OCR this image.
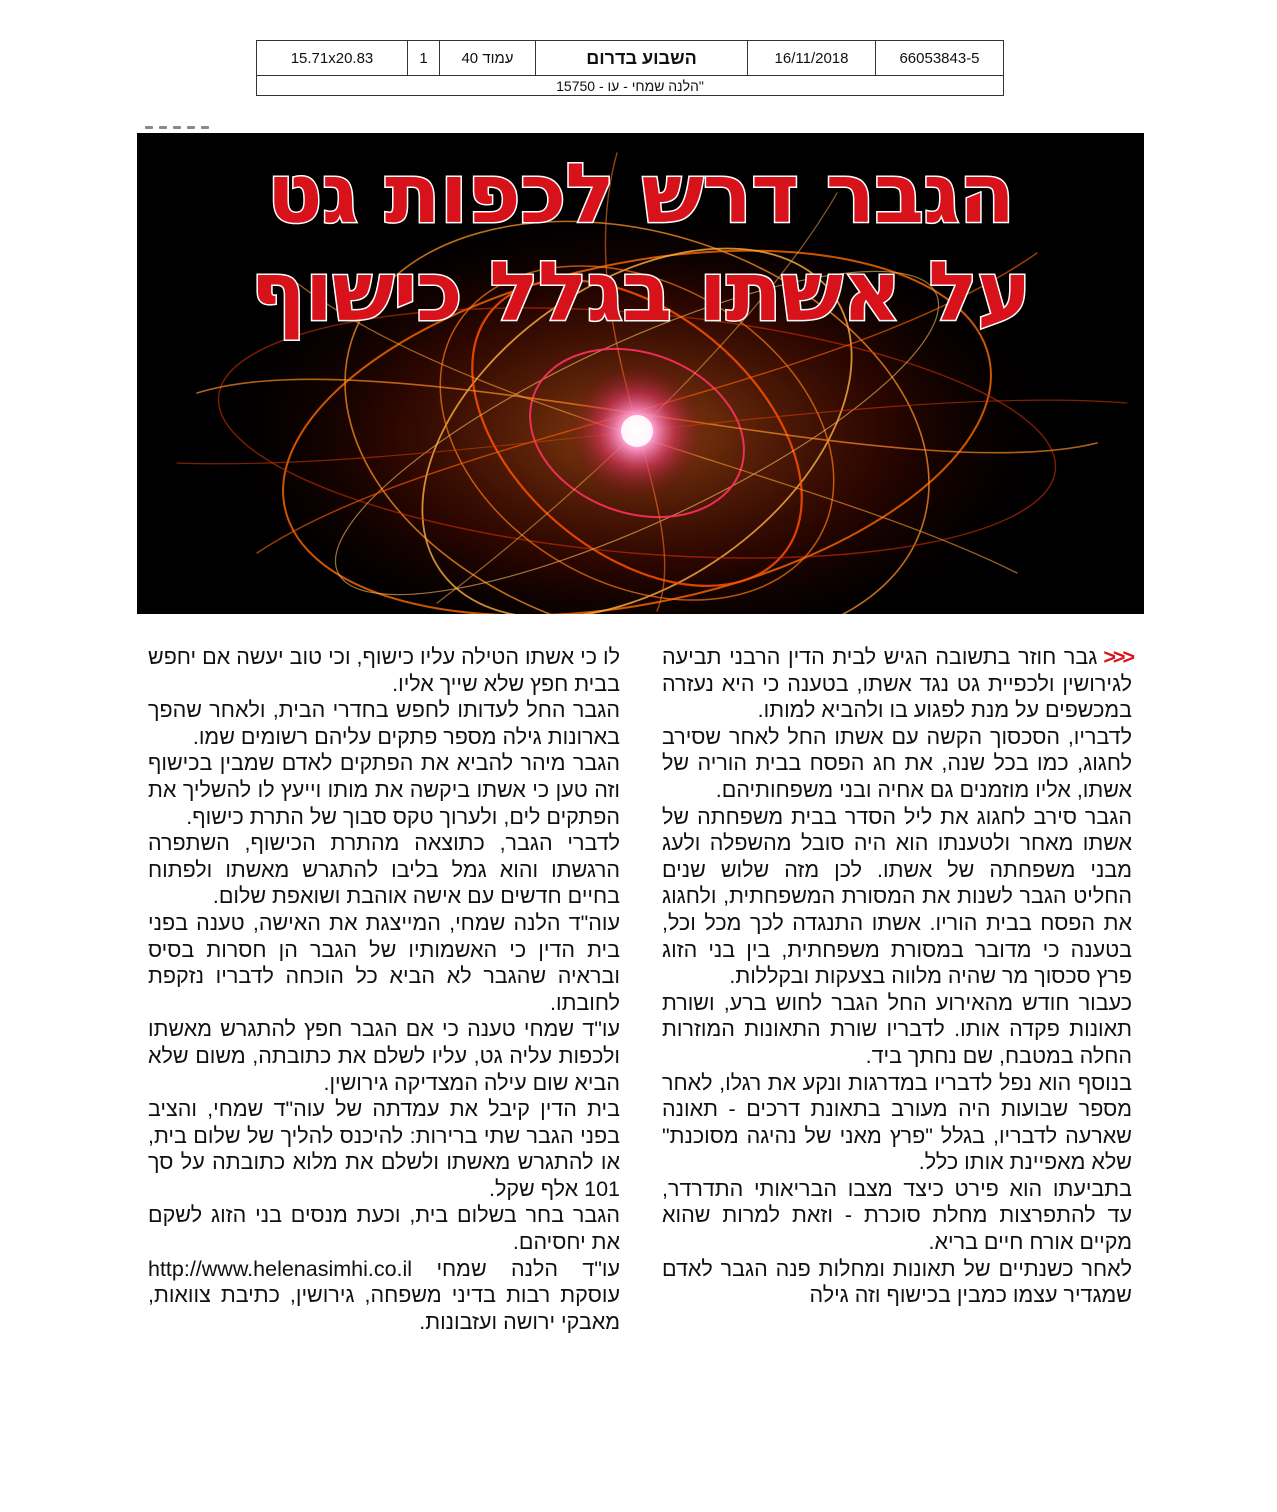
15.71x20.83	1	עמוד 40	השבוע בדרום	16/11/2018	66053843-5
"הלנה שמחי - עו - 15750
הגבר דרש לכפות גט
על אשתו בגלל כישוף

<<<גבר חוזר בתשובה הגיש לבית הדין הרבני תביעה לגירושין ולכפיית גט נגד אשתו, בטענה כי היא נעזרה במכשפים על מנת לפגוע בו ולהביא למותו.

לדבריו, הסכסוך הקשה עם אשתו החל לאחר שסירב לחגוג, כמו בכל שנה, את חג הפסח בבית הוריה של אשתו, אליו מוזמנים גם אחיה ובני משפחותיהם.

הגבר סירב לחגוג את ליל הסדר בבית משפחתה של אשתו מאחר ולטענתו הוא היה סובל מהשפלה ולעג מבני משפחתה של אשתו. לכן מזה שלוש שנים החליט הגבר לשנות את המסורת המשפחתית, ולחגוג את הפסח בבית הוריו. אשתו התנגדה לכך מכל וכל, בטענה כי מדובר במסורת משפחתית, בין בני הזוג פרץ סכסוך מר שהיה מלווה בצעקות ובקללות.

כעבור חודש מהאירוע החל הגבר לחוש ברע, ושורת תאונות פקדה אותו. לדבריו שורת התאונות המוזרות החלה במטבח, שם נחתך ביד.

בנוסף הוא נפל לדבריו במדרגות ונקע את רגלו, לאחר מספר שבועות היה מעורב בתאונת דרכים - תאונה שארעה לדבריו, בגלל "פרץ מאני של נהיגה מסוכנת" שלא מאפיינת אותו כלל.

בתביעתו הוא פירט כיצד מצבו הבריאותי התדרדר, עד להתפרצות מחלת סוכרת - וזאת למרות שהוא מקיים אורח חיים בריא.

לאחר כשנתיים של תאונות ומחלות פנה הגבר לאדם שמגדיר עצמו כמבין בכישוף וזה גילה

לו כי אשתו הטילה עליו כישוף, וכי טוב יעשה אם יחפש בבית חפץ שלא שייך אליו.

הגבר החל לעדותו לחפש בחדרי הבית, ולאחר שהפך בארונות גילה מספר פתקים עליהם רשומים שמו.

הגבר מיהר להביא את הפתקים לאדם שמבין בכישוף וזה טען כי אשתו ביקשה את מותו וייעץ לו להשליך את הפתקים לים, ולערוך טקס סבוך של התרת כישוף.

לדברי הגבר, כתוצאה מהתרת הכישוף, השתפרה הרגשתו והוא גמל בליבו להתגרש מאשתו ולפתוח בחיים חדשים עם אישה אוהבת ושואפת שלום.

עוה"ד הלנה שמחי, המייצגת את האישה, טענה בפני בית הדין כי האשמותיו של הגבר הן חסרות בסיס ובראיה שהגבר לא הביא כל הוכחה לדבריו נזקפת לחובתו.

עו"ד שמחי טענה כי אם הגבר חפץ להתגרש מאשתו ולכפות עליה גט, עליו לשלם את כתובתה, משום שלא הביא שום עילה המצדיקה גירושין.

בית הדין קיבל את עמדתה של עוה"ד שמחי, והציב בפני הגבר שתי ברירות: להיכנס להליך של שלום בית, או להתגרש מאשתו ולשלם את מלוא כתובתה על סך 101 אלף שקל.

הגבר בחר בשלום בית, וכעת מנסים בני הזוג לשקם את יחסיהם.

עו"ד הלנה שמחי http://www.helenasimhi.co.il עוסקת רבות בדיני משפחה, גירושין, כתיבת צוואות, מאבקי ירושה ועזבונות.
